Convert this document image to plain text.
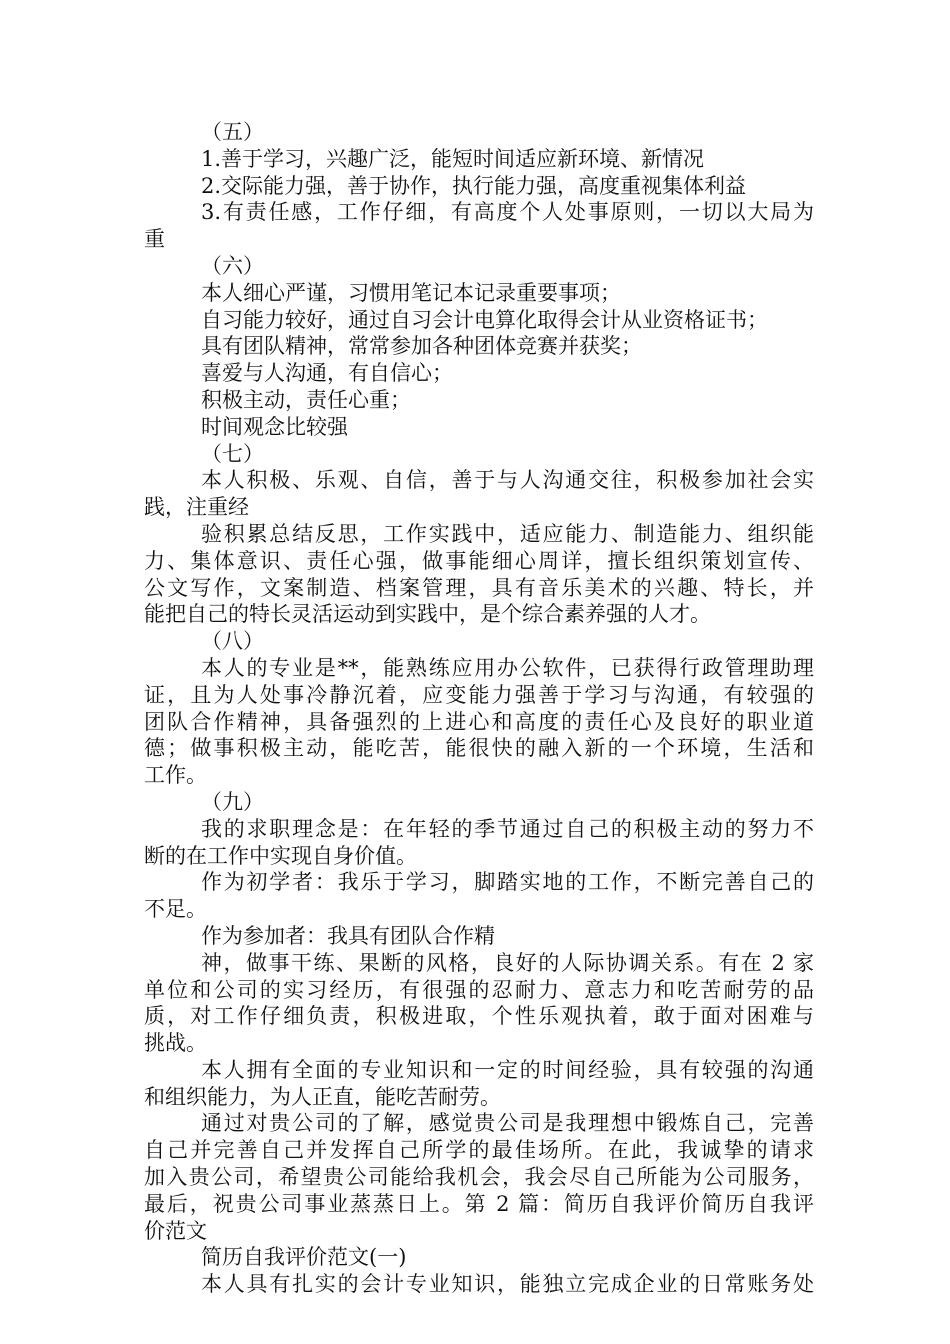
（五）
1.善于学习，兴趣广泛，能短时间适应新环境、新情况
2.交际能力强，善于协作，执行能力强，高度重视集体利益
3.有责任感，工作仔细，有高度个人处事原则，一切以大局为
重
（六）
本人细心严谨，习惯用笔记本记录重要事项；
自习能力较好，通过自习会计电算化取得会计从业资格证书；
具有团队精神，常常参加各种团体竞赛并获奖；
喜爱与人沟通，有自信心；
积极主动，责任心重；
时间观念比较强
（七）
本人积极、乐观、自信，善于与人沟通交往，积极参加社会实
践，注重经
验积累总结反思，工作实践中，适应能力、制造能力、组织能
力、集体意识、责任心强，做事能细心周详，擅长组织策划宣传、
公文写作，文案制造、档案管理，具有音乐美术的兴趣、特长，并
能把自己的特长灵活运动到实践中，是个综合素养强的人才。
（八）
本人的专业是**，能熟练应用办公软件，已获得行政管理助理
证，且为人处事冷静沉着，应变能力强善于学习与沟通，有较强的
团队合作精神，具备强烈的上进心和高度的责任心及良好的职业道
德；做事积极主动，能吃苦，能很快的融入新的一个环境，生活和
工作。
（九）
我的求职理念是：在年轻的季节通过自己的积极主动的努力不
断的在工作中实现自身价值。
作为初学者：我乐于学习，脚踏实地的工作，不断完善自己的
不足。
作为参加者：我具有团队合作精
神，做事干练、果断的风格，良好的人际协调关系。有在 2 家
单位和公司的实习经历，有很强的忍耐力、意志力和吃苦耐劳的品
质，对工作仔细负责，积极进取，个性乐观执着，敢于面对困难与
挑战。
本人拥有全面的专业知识和一定的时间经验，具有较强的沟通
和组织能力，为人正直，能吃苦耐劳。
通过对贵公司的了解，感觉贵公司是我理想中锻炼自己，完善
自己并完善自己并发挥自己所学的最佳场所。在此，我诚挚的请求
加入贵公司，希望贵公司能给我机会，我会尽自己所能为公司服务，
最后，祝贵公司事业蒸蒸日上。第 2 篇：简历自我评价简历自我评
价范文
简历自我评价范文(一)
本人具有扎实的会计专业知识，能独立完成企业的日常账务处
